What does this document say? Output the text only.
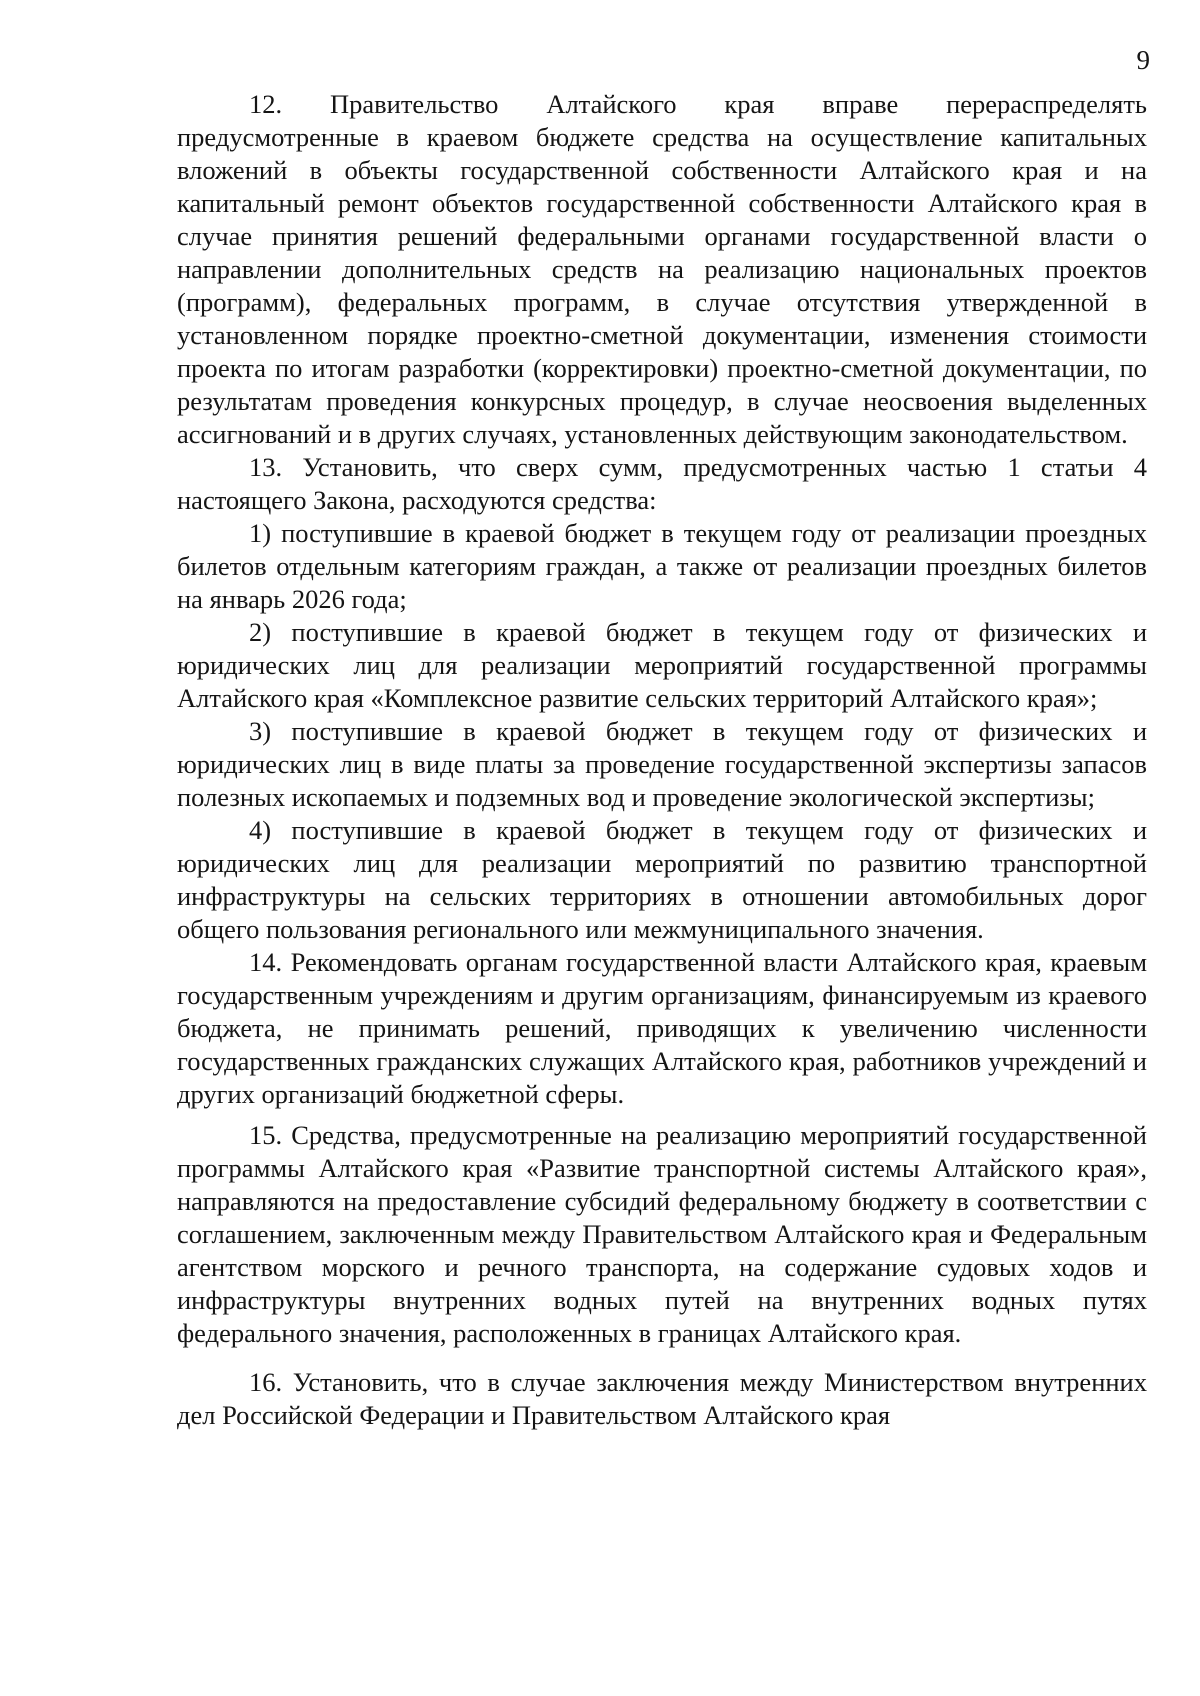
9

12. Правительство Алтайского края вправе перераспределять предусмотренные в краевом бюджете средства на осуществление капитальных вложений в объекты государственной собственности Алтайского края и на капитальный ремонт объектов государственной собственности Алтайского края в случае принятия решений федеральными органами государственной власти о направлении дополнительных средств на реализацию национальных проектов (программ), федеральных программ, в случае отсутствия утвержденной в установленном порядке проектно-сметной документации, изменения стоимости проекта по итогам разработки (корректировки) проектно-сметной документации, по результатам проведения конкурсных процедур, в случае неосвоения выделенных ассигнований и в других случаях, установленных действующим законодательством.

13. Установить, что сверх сумм, предусмотренных частью 1 статьи 4 настоящего Закона, расходуются средства:

1) поступившие в краевой бюджет в текущем году от реализации проездных билетов отдельным категориям граждан, а также от реализации проездных билетов на январь 2026 года;

2) поступившие в краевой бюджет в текущем году от физических и юридических лиц для реализации мероприятий государственной программы Алтайского края «Комплексное развитие сельских территорий Алтайского края»;

3) поступившие в краевой бюджет в текущем году от физических и юридических лиц в виде платы за проведение государственной экспертизы запасов полезных ископаемых и подземных вод и проведение экологической экспертизы;

4) поступившие в краевой бюджет в текущем году от физических и юридических лиц для реализации мероприятий по развитию транспортной инфраструктуры на сельских территориях в отношении автомобильных дорог общего пользования регионального или межмуниципального значения.

14. Рекомендовать органам государственной власти Алтайского края, краевым государственным учреждениям и другим организациям, финансируемым из краевого бюджета, не принимать решений, приводящих к увеличению численности государственных гражданских служащих Алтайского края, работников учреждений и других организаций бюджетной сферы.

15. Средства, предусмотренные на реализацию мероприятий государственной программы Алтайского края «Развитие транспортной системы Алтайского края», направляются на предоставление субсидий федеральному бюджету в соответствии с соглашением, заключенным между Правительством Алтайского края и Федеральным агентством морского и речного транспорта, на содержание судовых ходов и инфраструктуры внутренних водных путей на внутренних водных путях федерального значения, расположенных в границах Алтайского края.

16. Установить, что в случае заключения между Министерством внутренних дел Российской Федерации и Правительством Алтайского края
